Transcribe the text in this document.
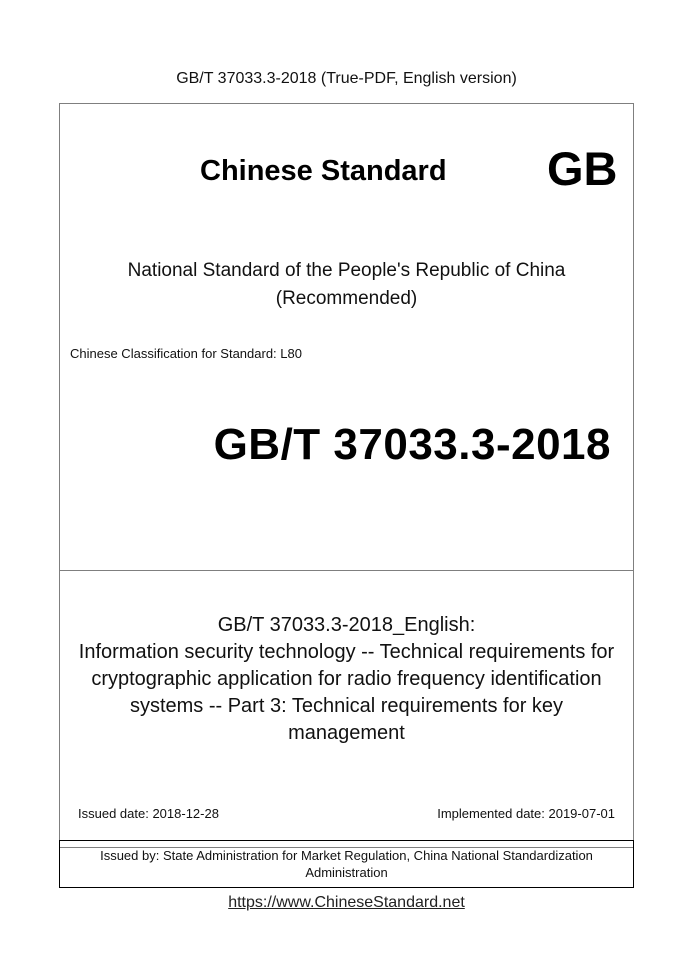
GB/T 37033.3-2018 (True-PDF, English version)
Chinese Standard GB
National Standard of the People's Republic of China
(Recommended)
Chinese Classification for Standard: L80
GB/T 37033.3-2018
GB/T 37033.3-2018_English:
Information security technology -- Technical requirements for
cryptographic application for radio frequency identification
systems -- Part 3: Technical requirements for key
management
Issued date: 2018-12-28	Implemented date: 2019-07-01
Issued by: State Administration for Market Regulation, China National Standardization
Administration
https://www.ChineseStandard.net
